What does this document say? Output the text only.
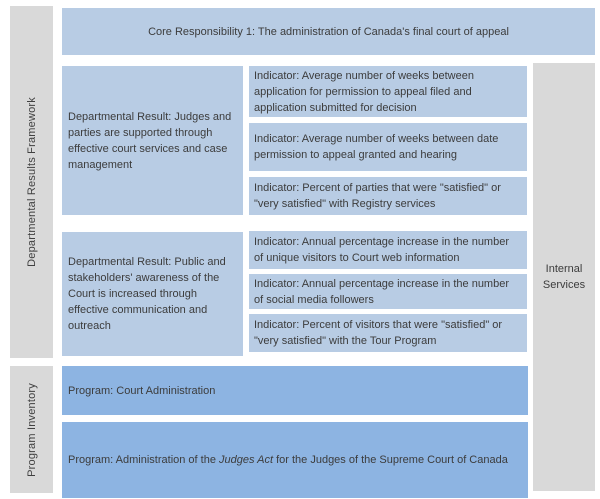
Departmental Results Framework
Program Inventory
Core Responsibility 1: The administration of Canada's final court of appeal
Internal Services
Departmental Result: Judges and parties are supported through effective court services and case management
Indicator: Average number of weeks between application for permission to appeal filed and application submitted for decision
Indicator: Average number of weeks between date permission to appeal granted and hearing
Indicator: Percent of parties that were "satisfied" or "very satisfied" with Registry services
Departmental Result: Public and stakeholders' awareness of the Court is increased through effective communication and outreach
Indicator: Annual percentage increase in the number of unique visitors to Court web information
Indicator: Annual percentage increase in the number of social media followers
Indicator: Percent of visitors that were "satisfied" or "very satisfied" with the Tour Program
Program: Court Administration
Program: Administration of the Judges Act for the Judges of the Supreme Court of Canada
